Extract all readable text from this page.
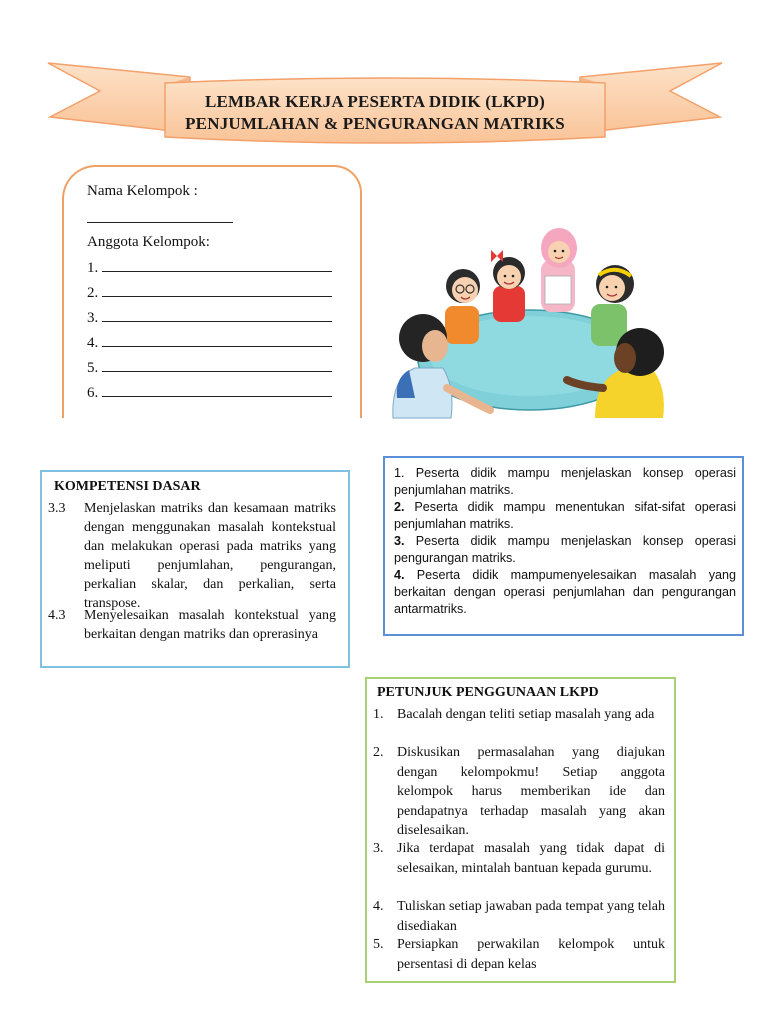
LEMBAR KERJA PESERTA DIDIK (LKPD)
PENJUMLAHAN & PENGURANGAN MATRIKS
Nama Kelompok :
Anggota Kelompok:
1.
2.
3.
4.
5.
6.
KOMPETENSI DASAR
3.3 Menjelaskan matriks dan kesamaan matriks dengan menggunakan masalah kontekstual dan melakukan operasi pada matriks yang meliputi penjumlahan, pengurangan, perkalian skalar, dan perkalian, serta transpose.
4.3 Menyelesaikan masalah kontekstual yang berkaitan dengan matriks dan oprerasinya
1. Peserta didik mampu menjelaskan konsep operasi penjumlahan matriks.
2. Peserta didik mampu menentukan sifat-sifat operasi penjumlahan matriks.
3. Peserta didik mampu menjelaskan konsep operasi pengurangan matriks.
4. Peserta didik mampumenyelesaikan masalah yang berkaitan dengan operasi penjumlahan dan pengurangan antarmatriks.
PETUNJUK PENGGUNAAN LKPD
1. Bacalah dengan teliti setiap masalah yang ada
2. Diskusikan permasalahan yang diajukan dengan kelompokmu! Setiap anggota kelompok harus memberikan ide dan pendapatnya terhadap masalah yang akan diselesaikan.
3. Jika terdapat masalah yang tidak dapat di selesaikan, mintalah bantuan kepada gurumu.
4. Tuliskan setiap jawaban pada tempat yang telah disediakan
5. Persiapkan perwakilan kelompok untuk persentasi di depan kelas
